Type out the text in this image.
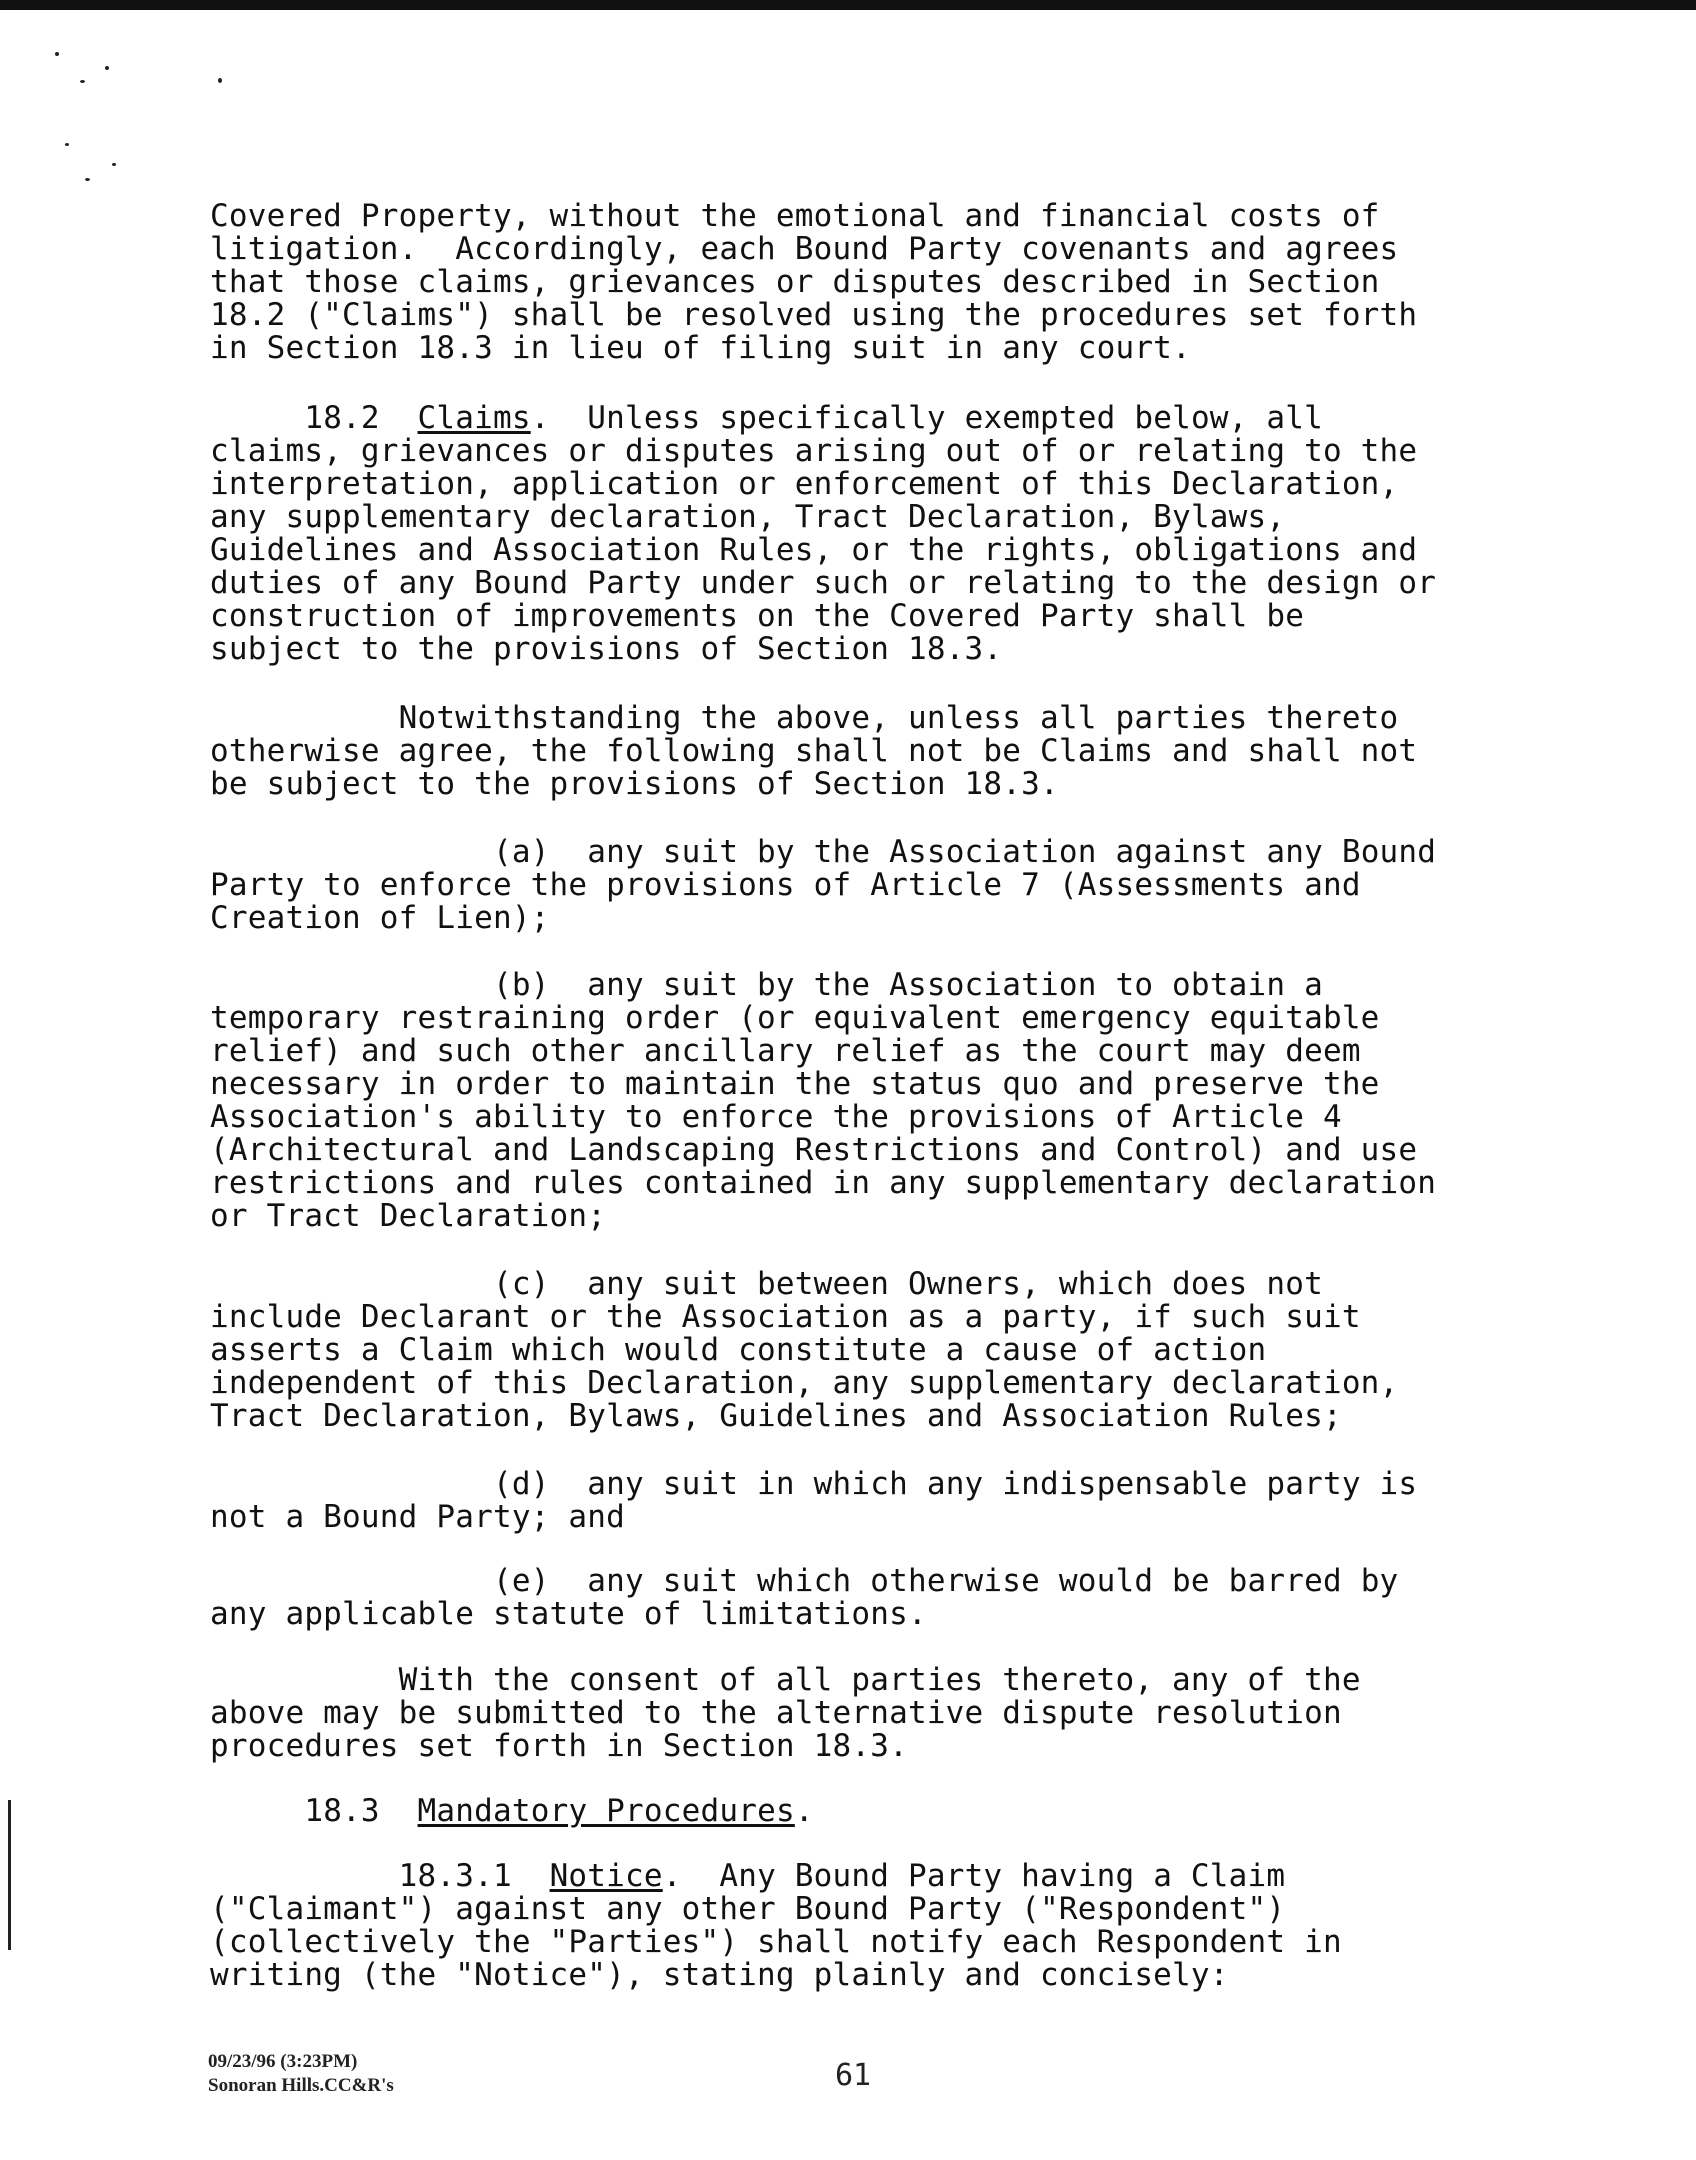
Covered Property, without the emotional and financial costs of

litigation.  Accordingly, each Bound Party covenants and agrees

that those claims, grievances or disputes described in Section

18.2 ("Claims") shall be resolved using the procedures set forth

in Section 18.3 in lieu of filing suit in any court.

18.2 Claims.  Unless specifically exempted below, all

claims, grievances or disputes arising out of or relating to the

interpretation, application or enforcement of this Declaration,

any supplementary declaration, Tract Declaration, Bylaws,

Guidelines and Association Rules, or the rights, obligations and

duties of any Bound Party under such or relating to the design or

construction of improvements on the Covered Party shall be

subject to the provisions of Section 18.3.

Notwithstanding the above, unless all parties thereto

otherwise agree, the following shall not be Claims and shall not

be subject to the provisions of Section 18.3.

(a)  any suit by the Association against any Bound

Party to enforce the provisions of Article 7 (Assessments and

Creation of Lien);

(b)  any suit by the Association to obtain a

temporary restraining order (or equivalent emergency equitable

relief) and such other ancillary relief as the court may deem

necessary in order to maintain the status quo and preserve the

Association's ability to enforce the provisions of Article 4

(Architectural and Landscaping Restrictions and Control) and use

restrictions and rules contained in any supplementary declaration

or Tract Declaration;

(c)  any suit between Owners, which does not

include Declarant or the Association as a party, if such suit

asserts a Claim which would constitute a cause of action

independent of this Declaration, any supplementary declaration,

Tract Declaration, Bylaws, Guidelines and Association Rules;

(d)  any suit in which any indispensable party is

not a Bound Party; and

(e)  any suit which otherwise would be barred by

any applicable statute of limitations.

With the consent of all parties thereto, any of the

above may be submitted to the alternative dispute resolution

procedures set forth in Section 18.3.

18.3 Mandatory Procedures.

18.3.1 Notice.  Any Bound Party having a Claim

("Claimant") against any other Bound Party ("Respondent")

(collectively the "Parties") shall notify each Respondent in

writing (the "Notice"), stating plainly and concisely:

09/23/96 (3:23PM)
Sonoran Hills.CC&R's	61
